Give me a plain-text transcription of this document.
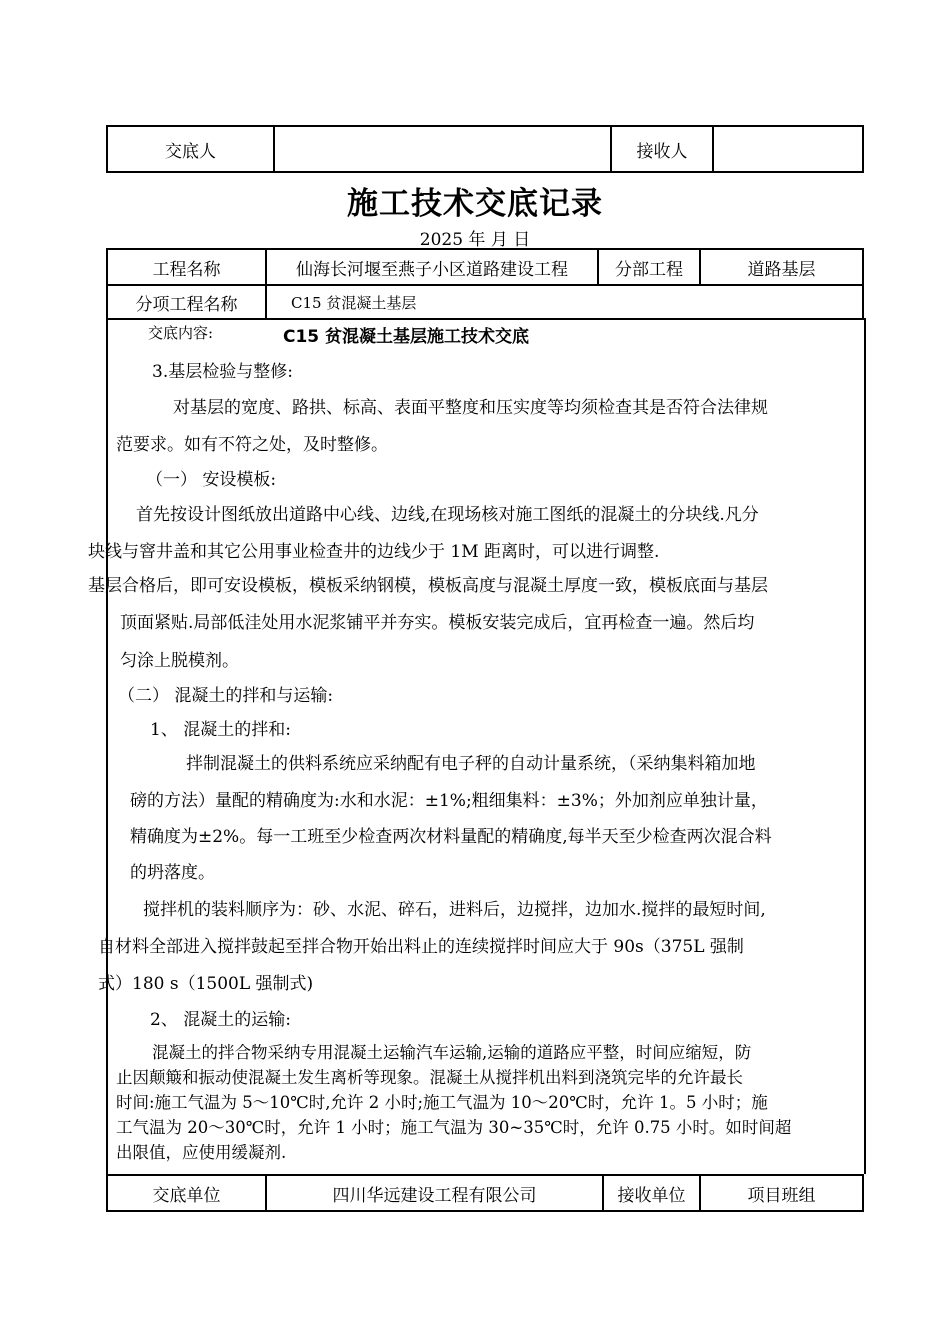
交底人		接收人	
施工技术交底记录
2025 年 月 日
工程名称	仙海长河堰至燕子小区道路建设工程	分部工程	道路基层
分项工程名称	C15 贫混凝土基层		
交底内容:	C15 贫混凝土基层施工技术交底
3.基层检验与整修:
对基层的宽度、路拱、标高、表面平整度和压实度等均须检查其是否符合法律规
范要求。如有不符之处，及时整修。
（一） 安设模板:
首先按设计图纸放出道路中心线、边线,在现场核对施工图纸的混凝土的分块线.凡分
块线与窨井盖和其它公用事业检查井的边线少于 1M 距离时，可以进行调整.
基层合格后，即可安设模板，模板采纳钢模，模板高度与混凝土厚度一致，模板底面与基层
顶面紧贴.局部低洼处用水泥浆铺平并夯实。模板安装完成后，宜再检查一遍。然后均
匀涂上脱模剂。
（二） 混凝土的拌和与运输:
1、 混凝土的拌和:
拌制混凝土的供料系统应采纳配有电子秤的自动计量系统，（采纳集料箱加地
磅的方法）量配的精确度为:水和水泥：±1%;粗细集料：±3%；外加剂应单独计量，
精确度为±2%。每一工班至少检查两次材料量配的精确度,每半天至少检查两次混合料
的坍落度。
搅拌机的装料顺序为：砂、水泥、碎石，进料后，边搅拌，边加水.搅拌的最短时间,
自材料全部进入搅拌鼓起至拌合物开始出料止的连续搅拌时间应大于 90s（375L 强制
式）180 s（1500L 强制式)
2、 混凝土的运输:
混凝土的拌合物采纳专用混凝土运输汽车运输,运输的道路应平整，时间应缩短，防
止因颠簸和振动使混凝土发生离析等现象。混凝土从搅拌机出料到浇筑完毕的允许最长
时间:施工气温为 5～10℃时,允许 2 小时;施工气温为 10～20℃时，允许 1。5 小时；施
工气温为 20～30℃时，允许 1 小时；施工气温为 30~35℃时，允许 0.75 小时。如时间超
出限值，应使用缓凝剂.
交底单位	四川华远建设工程有限公司	接收单位	项目班组
